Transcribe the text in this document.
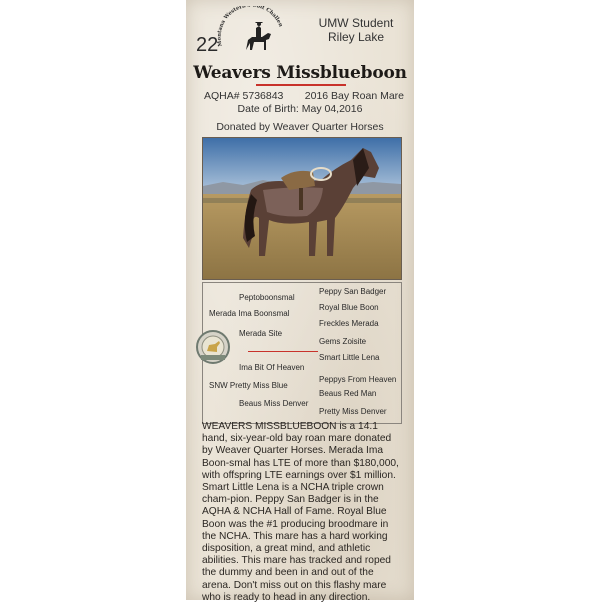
Montana Western olt Challen
22
UMW Student
Riley Lake
Weavers Missblueboon
AQHA# 5736843 2016 Bay Roan Mare
Date of Birth: May 04,2016
Donated by Weaver Quarter Horses
Peptoboonsmal
Peppy San Badger
Royal Blue Boon
Merada Ima Boonsmal
Freckles Merada
Merada Site
Gems Zoisite
Smart Little Lena
Ima Bit Of Heaven
Peppys From Heaven
SNW Pretty Miss Blue
Beaus Red Man
Beaus Miss Denver
Pretty Miss Denver
WEAVERS MISSBLUEBOON is a 14.1 hand, six-year-old bay roan mare donated by Weaver Quarter Horses. Merada Ima Boon-smal has LTE of more than $180,000, with offspring LTE earnings over $1 million. Smart Little Lena is a NCHA triple crown cham-pion. Peppy San Badger is in the AQHA & NCHA Hall of Fame. Royal Blue Boon was the #1 producing broodmare in the NCHA. This mare has a hard working disposition, a great mind, and athletic abilities. This mare has tracked and roped the dummy and been in and out of the arena. Don't miss out on this flashy mare who is ready to head in any direction.
